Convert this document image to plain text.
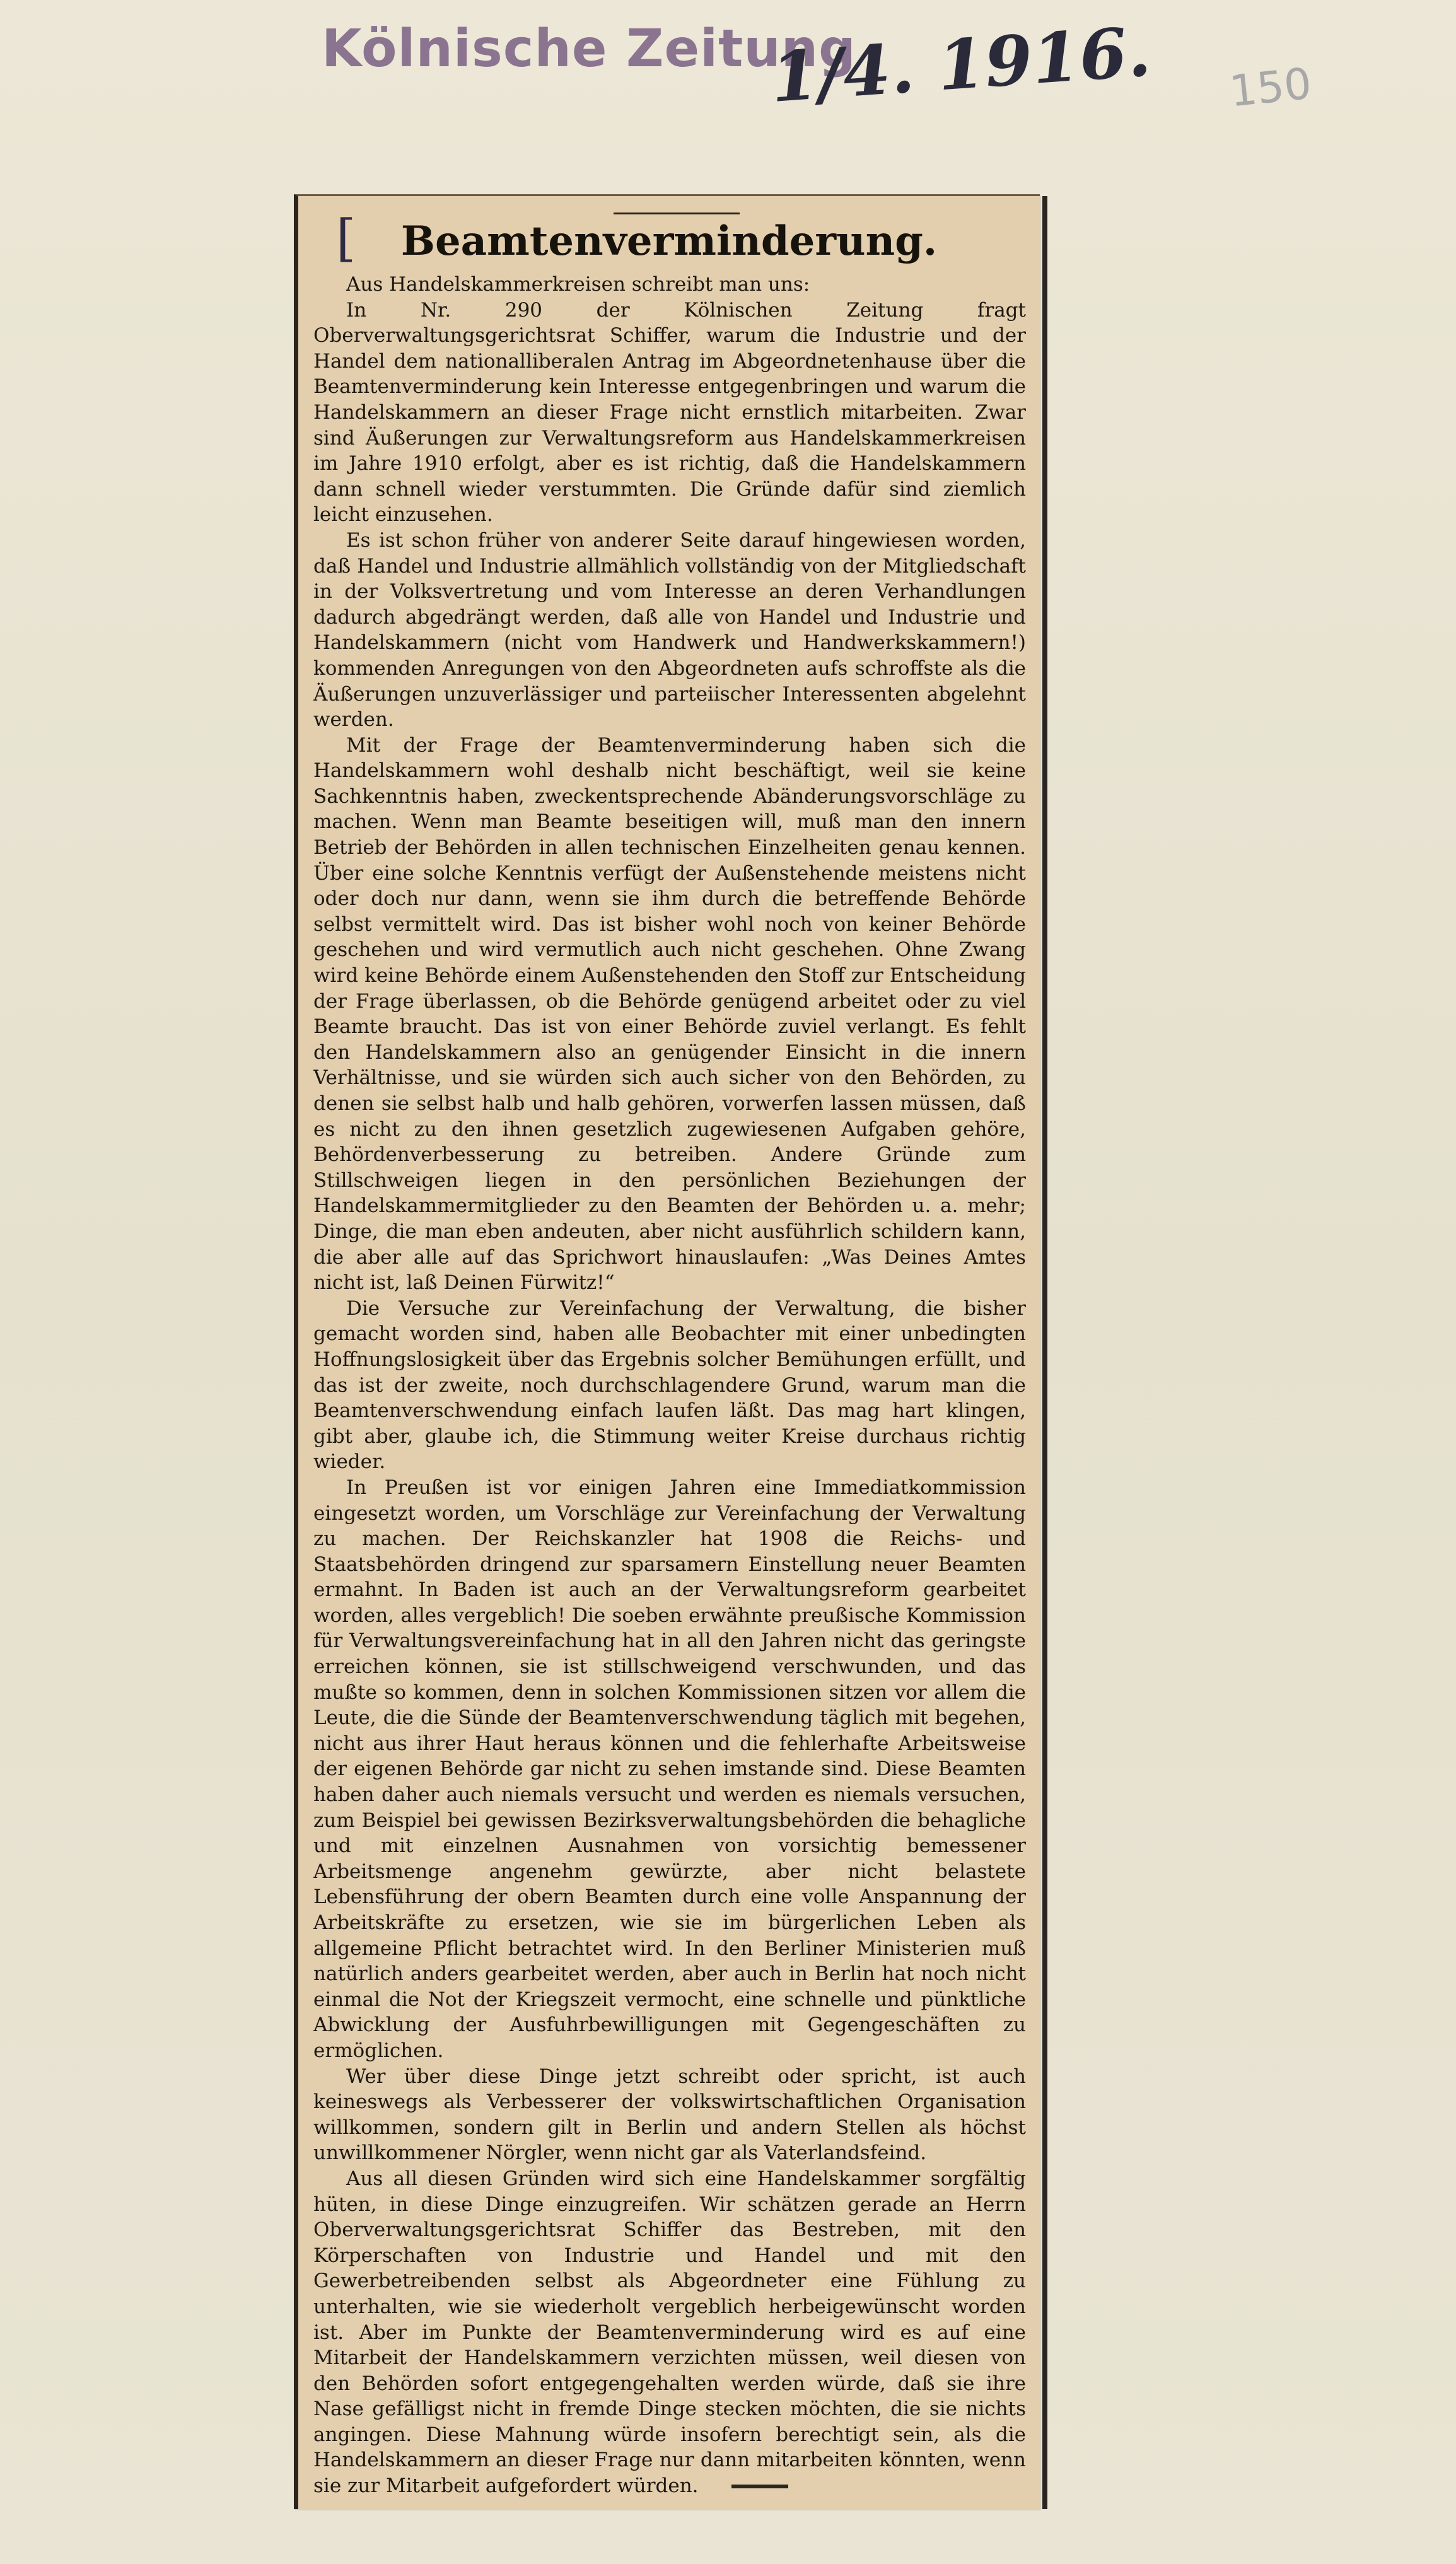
Kölnische Zeitung
1/4. 1916. 150
[	Beamtenverminderung.

Aus Handelskammerkreisen schreibt man uns:

In Nr. 290 der Kölnischen Zeitung fragt Oberverwaltungsgerichtsrat Schiffer, warum die Industrie und der Handel dem nationalliberalen Antrag im Abgeordnetenhause über die Beamtenverminderung kein Interesse entgegenbringen und warum die Handelskammern an dieser Frage nicht ernstlich mitarbeiten. Zwar sind Äußerungen zur Verwaltungsreform aus Handelskammerkreisen im Jahre 1910 erfolgt, aber es ist richtig, daß die Handelskammern dann schnell wieder verstummten. Die Gründe dafür sind ziemlich leicht einzusehen.

Es ist schon früher von anderer Seite darauf hingewiesen worden, daß Handel und Industrie allmählich vollständig von der Mitgliedschaft in der Volksvertretung und vom Interesse an deren Verhandlungen dadurch abgedrängt werden, daß alle von Handel und Industrie und Handelskammern (nicht vom Handwerk und Handwerkskammern!) kommenden Anregungen von den Abgeordneten aufs schroffste als die Äußerungen unzuverlässiger und parteiischer Interessenten abgelehnt werden.

Mit der Frage der Beamtenverminderung haben sich die Handelskammern wohl deshalb nicht beschäftigt, weil sie keine Sachkenntnis haben, zweckentsprechende Abänderungsvorschläge zu machen. Wenn man Beamte beseitigen will, muß man den innern Betrieb der Behörden in allen technischen Einzelheiten genau kennen. Über eine solche Kenntnis verfügt der Außenstehende meistens nicht oder doch nur dann, wenn sie ihm durch die betreffende Behörde selbst vermittelt wird. Das ist bisher wohl noch von keiner Behörde geschehen und wird vermutlich auch nicht geschehen. Ohne Zwang wird keine Behörde einem Außenstehenden den Stoff zur Entscheidung der Frage überlassen, ob die Behörde genügend arbeitet oder zu viel Beamte braucht. Das ist von einer Behörde zuviel verlangt. Es fehlt den Handelskammern also an genügender Einsicht in die innern Verhältnisse, und sie würden sich auch sicher von den Behörden, zu denen sie selbst halb und halb gehören, vorwerfen lassen müssen, daß es nicht zu den ihnen gesetzlich zugewiesenen Aufgaben gehöre, Behördenverbesserung zu betreiben. Andere Gründe zum Stillschweigen liegen in den persönlichen Beziehungen der Handelskammermitglieder zu den Beamten der Behörden u. a. mehr; Dinge, die man eben andeuten, aber nicht ausführlich schildern kann, die aber alle auf das Sprichwort hinauslaufen: „Was Deines Amtes nicht ist, laß Deinen Fürwitz!“

Die Versuche zur Vereinfachung der Verwaltung, die bisher gemacht worden sind, haben alle Beobachter mit einer unbedingten Hoffnungslosigkeit über das Ergebnis solcher Bemühungen erfüllt, und das ist der zweite, noch durchschlagendere Grund, warum man die Beamtenverschwendung einfach laufen läßt. Das mag hart klingen, gibt aber, glaube ich, die Stimmung weiter Kreise durchaus richtig wieder.

In Preußen ist vor einigen Jahren eine Immediatkommission eingesetzt worden, um Vorschläge zur Vereinfachung der Verwaltung zu machen. Der Reichskanzler hat 1908 die Reichs- und Staatsbehörden dringend zur sparsamern Einstellung neuer Beamten ermahnt. In Baden ist auch an der Verwaltungsreform gearbeitet worden, alles vergeblich! Die soeben erwähnte preußische Kommission für Verwaltungsvereinfachung hat in all den Jahren nicht das geringste erreichen können, sie ist stillschweigend verschwunden, und das mußte so kommen, denn in solchen Kommissionen sitzen vor allem die Leute, die die Sünde der Beamtenverschwendung täglich mit begehen, nicht aus ihrer Haut heraus können und die fehlerhafte Arbeitsweise der eigenen Behörde gar nicht zu sehen imstande sind. Diese Beamten haben daher auch niemals versucht und werden es niemals versuchen, zum Beispiel bei gewissen Bezirksverwaltungsbehörden die behagliche und mit einzelnen Ausnahmen von vorsichtig bemessener Arbeitsmenge angenehm gewürzte, aber nicht belastete Lebensführung der obern Beamten durch eine volle Anspannung der Arbeitskräfte zu ersetzen, wie sie im bürgerlichen Leben als allgemeine Pflicht betrachtet wird. In den Berliner Ministerien muß natürlich anders gearbeitet werden, aber auch in Berlin hat noch nicht einmal die Not der Kriegszeit vermocht, eine schnelle und pünktliche Abwicklung der Ausfuhrbewilligungen mit Gegengeschäften zu ermöglichen.

Wer über diese Dinge jetzt schreibt oder spricht, ist auch keineswegs als Verbesserer der volkswirtschaftlichen Organisation willkommen, sondern gilt in Berlin und andern Stellen als höchst unwillkommener Nörgler, wenn nicht gar als Vaterlandsfeind.

Aus all diesen Gründen wird sich eine Handelskammer sorgfältig hüten, in diese Dinge einzugreifen. Wir schätzen gerade an Herrn Oberverwaltungsgerichtsrat Schiffer das Bestreben, mit den Körperschaften von Industrie und Handel und mit den Gewerbetreibenden selbst als Abgeordneter eine Fühlung zu unterhalten, wie sie wiederholt vergeblich herbeigewünscht worden ist. Aber im Punkte der Beamtenverminderung wird es auf eine Mitarbeit der Handelskammern verzichten müssen, weil diesen von den Behörden sofort entgegengehalten werden würde, daß sie ihre Nase gefälligst nicht in fremde Dinge stecken möchten, die sie nichts angingen. Diese Mahnung würde insofern berechtigt sein, als die Handelskammern an dieser Frage nur dann mitarbeiten könnten, wenn sie zur Mitarbeit aufgefordert würden.
